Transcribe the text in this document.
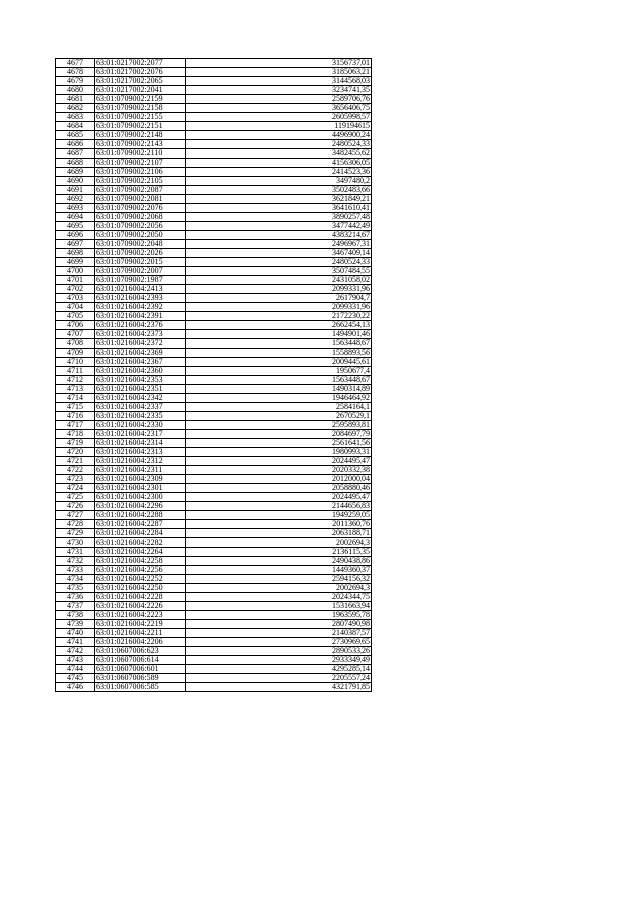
4677	63:01:0217002:2077	3156737,01
4678	63:01:0217002:2076	3185063,21
4679	63:01:0217002:2065	3144568,03
4680	63:01:0217002:2041	3234741,35
4681	63:01:0709002:2159	2589706,76
4682	63:01:0709002:2158	3656406,75
4683	63:01:0709002:2155	2605998,57
4684	63:01:0709002:2151	119194615
4685	63:01:0709002:2148	4496900,24
4686	63:01:0709002:2143	2480524,33
4687	63:01:0709002:2110	3482455,62
4688	63:01:0709002:2107	4156306,05
4689	63:01:0709002:2106	2414523,36
4690	63:01:0709002:2105	3497480,2
4691	63:01:0709002:2087	3502483,66
4692	63:01:0709002:2081	3621849,21
4693	63:01:0709002:2076	3641610,41
4694	63:01:0709002:2068	3890257,48
4695	63:01:0709002:2056	3477442,49
4696	63:01:0709002:2050	4383214,67
4697	63:01:0709002:2048	2496967,31
4698	63:01:0709002:2026	3467409,14
4699	63:01:0709002:2015	2480524,33
4700	63:01:0709002:2007	3507484,55
4701	63:01:0709002:1987	2431058,02
4702	63:01:0216004:2413	2099331,96
4703	63:01:0216004:2393	2617904,7
4704	63:01:0216004:2392	2099331,96
4705	63:01:0216004:2391	2172230,22
4706	63:01:0216004:2376	2662454,13
4707	63:01:0216004:2373	1494901,46
4708	63:01:0216004:2372	1563448,67
4709	63:01:0216004:2369	1558893,56
4710	63:01:0216004:2367	2009445,61
4711	63:01:0216004:2360	1950677,4
4712	63:01:0216004:2353	1563448,67
4713	63:01:0216004:2351	1490314,89
4714	63:01:0216004:2342	1946464,92
4715	63:01:0216004:2337	2584164,1
4716	63:01:0216004:2335	2670529,1
4717	63:01:0216004:2330	2595893,81
4718	63:01:0216004:2317	2084697,79
4719	63:01:0216004:2314	2561641,56
4720	63:01:0216004:2313	1980993,31
4721	63:01:0216004:2312	2024495,47
4722	63:01:0216004:2311	2020332,38
4723	63:01:0216004:2309	2012000,04
4724	63:01:0216004:2301	2058880,46
4725	63:01:0216004:2300	2024495,47
4726	63:01:0216004:2296	2144656,83
4727	63:01:0216004:2288	1949259,05
4728	63:01:0216004:2287	2011360,76
4729	63:01:0216004:2284	2063188,71
4730	63:01:0216004:2282	2002694,3
4731	63:01:0216004:2264	2136115,35
4732	63:01:0216004:2258	2490438,86
4733	63:01:0216004:2256	1449360,37
4734	63:01:0216004:2252	2594156,32
4735	63:01:0216004:2250	2002694,3
4736	63:01:0216004:2228	2024344,75
4737	63:01:0216004:2226	1531663,94
4738	63:01:0216004:2223	1963595,78
4739	63:01:0216004:2219	2807490,98
4740	63:01:0216004:2211	2140387,57
4741	63:01:0216004:2206	2730969,65
4742	63:01:0607006:623	2890533,26
4743	63:01:0607006:614	2933349,49
4744	63:01:0607006:601	4295285,14
4745	63:01:0607006:589	2205557,24
4746	63:01:0607006:585	4321791,85
